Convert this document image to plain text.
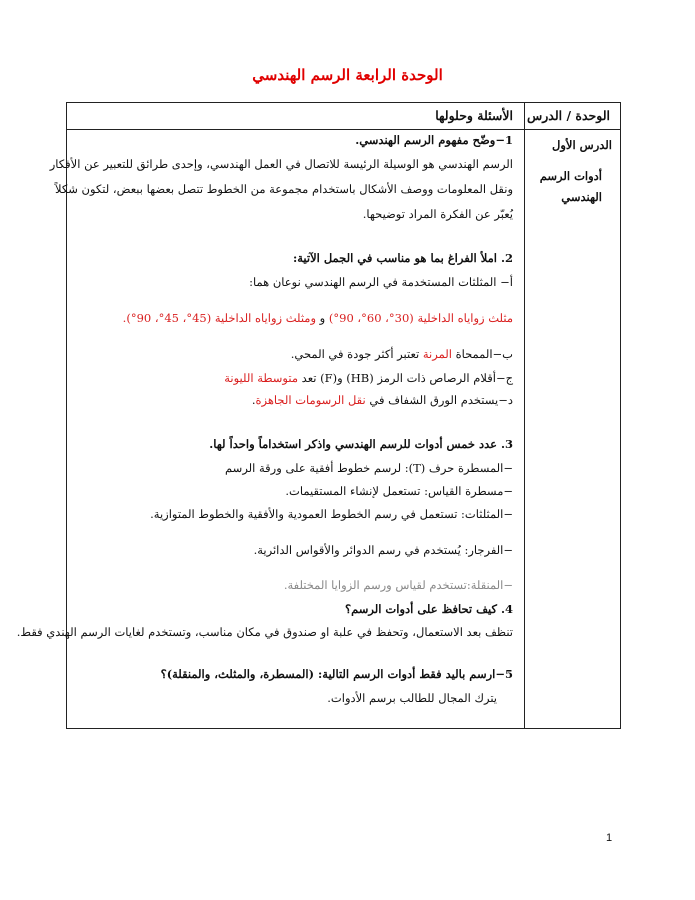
الوحدة الرابعة الرسم الهندسي
الوحدة / الدرس
الأسئلة وحلولها
الدرس الأول
أدوات الرسم
الهندسي
1−وضّح مفهوم الرسم الهندسي.
الرسم الهندسي هو الوسيلة الرئيسة للاتصال في العمل الهندسي، وإحدى طرائق للتعبير عن الأفكار
ونقل المعلومات ووصف الأشكال باستخدام مجموعة من الخطوط تتصل بعضها ببعض، لتكون شكلاً
يُعبّر عن الفكرة المراد توضيحها.
2. املأ الفراغ بما هو مناسب في الجمل الآتية:
أ− المثلثات المستخدمة في الرسم الهندسي نوعان هما:
مثلث زواياه الداخلية (30°، 60°، 90°) و ومثلث زواياه الداخلية (45°، 45°، 90°).
ب−الممحاة المرنة تعتبر أكثر جودة في المحي.
ج−أقلام الرصاص ذات الرمز (HB) و(F) تعد متوسطة الليونة
د−يستخدم الورق الشفاف في نقل الرسومات الجاهزة.
3. عدد خمس أدوات للرسم الهندسي واذكر استخداماً واحداً لها.
−المسطرة حرف (T): لرسم خطوط أفقية على ورقة الرسم
−مسطرة القياس: تستعمل لإنشاء المستقيمات.
−المثلثات: تستعمل في رسم الخطوط العمودية والأفقية والخطوط المتوازية.
−الفرجار: يُستخدم في رسم الدوائر والأقواس الدائرية.
−المنقلة:تستخدم لقياس ورسم الزوايا المختلفة.
4. كيف تحافظ على أدوات الرسم؟
تنظف بعد الاستعمال، وتحفظ في علبة او صندوق في مكان مناسب، وتستخدم لغايات الرسم الهندي فقط.
5−ارسم باليد فقط أدوات الرسم التالية: (المسطرة، والمثلث، والمنقلة)؟
يترك المجال للطالب برسم الأدوات.
1
